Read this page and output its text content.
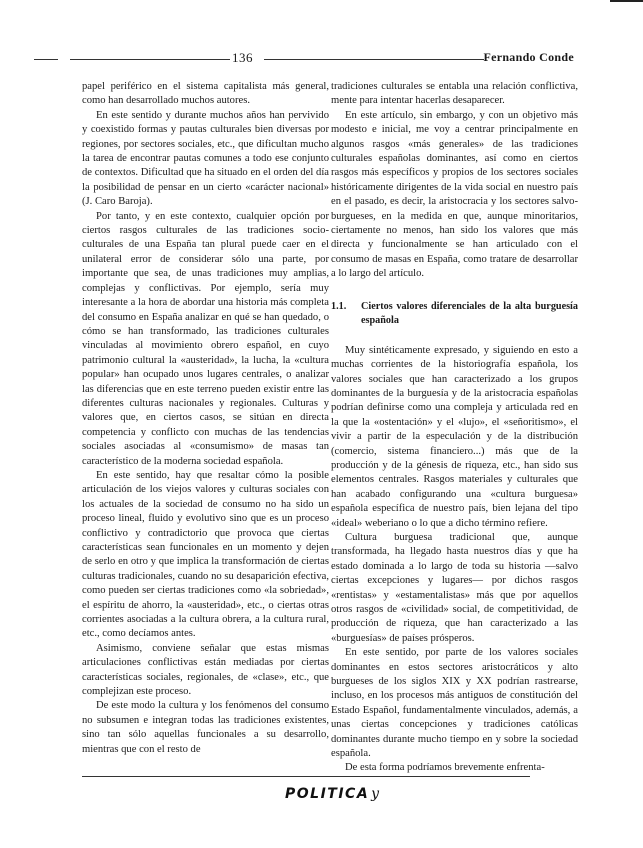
136	Fernando Conde

papel periférico en el sistema capitalista más general, como han desarrollado muchos autores.

En este sentido y durante muchos años han pervivido y coexistido formas y pautas culturales bien diversas por regiones, por sectores sociales, etc., que dificultan mucho la tarea de encontrar pautas comunes a todo ese conjunto de contextos. Dificultad que ha situado en el orden del día la posibilidad de pensar en un cierto «carácter nacional» (J. Caro Baroja).

Por tanto, y en este contexto, cualquier opción por ciertos rasgos culturales de las tradiciones socio-culturales de una España tan plural puede caer en el unilateral error de considerar sólo una parte, por importante que sea, de unas tradiciones muy amplias, complejas y conflictivas. Por ejemplo, sería muy interesante a la hora de abordar una historia más completa del consumo en España analizar en qué se han quedado, o cómo se han transformado, las tradiciones culturales vinculadas al movimiento obrero español, en cuyo patrimonio cultural la «austeridad», la lucha, la «cultura popular» han ocupado unos lugares centrales, o analizar las diferencias que en este terreno pueden existir entre las diferentes culturas nacionales y regionales. Culturas y valores que, en ciertos casos, se sitúan en directa competencia y conflicto con muchas de las tendencias sociales asociadas al «consumismo» de masas tan característico de la moderna sociedad española.

En este sentido, hay que resaltar cómo la posible articulación de los viejos valores y culturas sociales con los actuales de la sociedad de consumo no ha sido un proceso lineal, fluido y evolutivo sino que es un proceso conflictivo y contradictorio que provoca que ciertas características sean funcionales en un momento y dejen de serlo en otro y que implica la transformación de ciertas culturas tradicionales, cuando no su desaparición efectiva, como pueden ser ciertas tradiciones como «la sobriedad», el espíritu de ahorro, la «austeridad», etc., o ciertas otras corrientes asociadas a la cultura obrera, a la cultura rural, etc., como decíamos antes.

Asimismo, conviene señalar que estas mismas articulaciones conflictivas están mediadas por ciertas características sociales, regionales, de «clase», etc., que complejizan este proceso.

De este modo la cultura y los fenómenos del consumo no subsumen e integran todas las tradiciones existentes, sino tan sólo aquellas funcionales a su desarrollo, mientras que con el resto de

tradiciones culturales se entabla una relación conflictiva, mente para intentar hacerlas desaparecer.

En este artículo, sin embargo, y con un objetivo más modesto e inicial, me voy a centrar principalmente en algunos rasgos «más generales» de las tradiciones culturales españolas dominantes, así como en ciertos rasgos más específicos y propios de los sectores sociales históricamente dirigentes de la vida social en nuestro país en el pasado, es decir, la aristocracia y los sectores salvo-burgueses, en la medida en que, aunque minoritarios, ciertamente no menos, han sido los valores que más directa y funcionalmente se han articulado con el consumo de masas en España, como tratare de desarrollar a lo largo del artículo.

1.1.	Ciertos valores diferenciales de la alta burguesía española

Muy sintéticamente expresado, y siguiendo en esto a muchas corrientes de la historiografía española, los valores sociales que han caracterizado a los grupos dominantes de la burguesía y de la aristocracia españolas podrían definirse como una compleja y articulada red en la que la «ostentación» y el «lujo», el «señoritismo», el vivir a partir de la especulación y de la distribución (comercio, sistema financiero...) más que de la producción y de la génesis de riqueza, etc., han sido sus elementos centrales. Rasgos materiales y culturales que han acabado configurando una «cultura burguesa» española específica de nuestro país, bien lejana del tipo «ideal» weberiano o lo que a dicho término refiere.

Cultura burguesa tradicional que, aunque transformada, ha llegado hasta nuestros días y que ha estado dominada a lo largo de toda su historia —salvo ciertas excepciones y lugares— por dichos rasgos «rentistas» y «estamentalistas» más que por aquellos otros rasgos de «civilidad» social, de competitividad, de producción de riqueza, que han caracterizado a las «burguesías» de países prósperos.

En este sentido, por parte de los valores sociales dominantes en estos sectores aristocráticos y alto burgueses de los siglos XIX y XX podrían rastrearse, incluso, en los procesos más antiguos de constitución del Estado Español, fundamentalmente vinculados, además, a unas ciertas concepciones y tradiciones católicas dominantes durante mucho tiempo en y sobre la sociedad española.

De esta forma podríamos brevemente enfrenta-

POLITICA y
